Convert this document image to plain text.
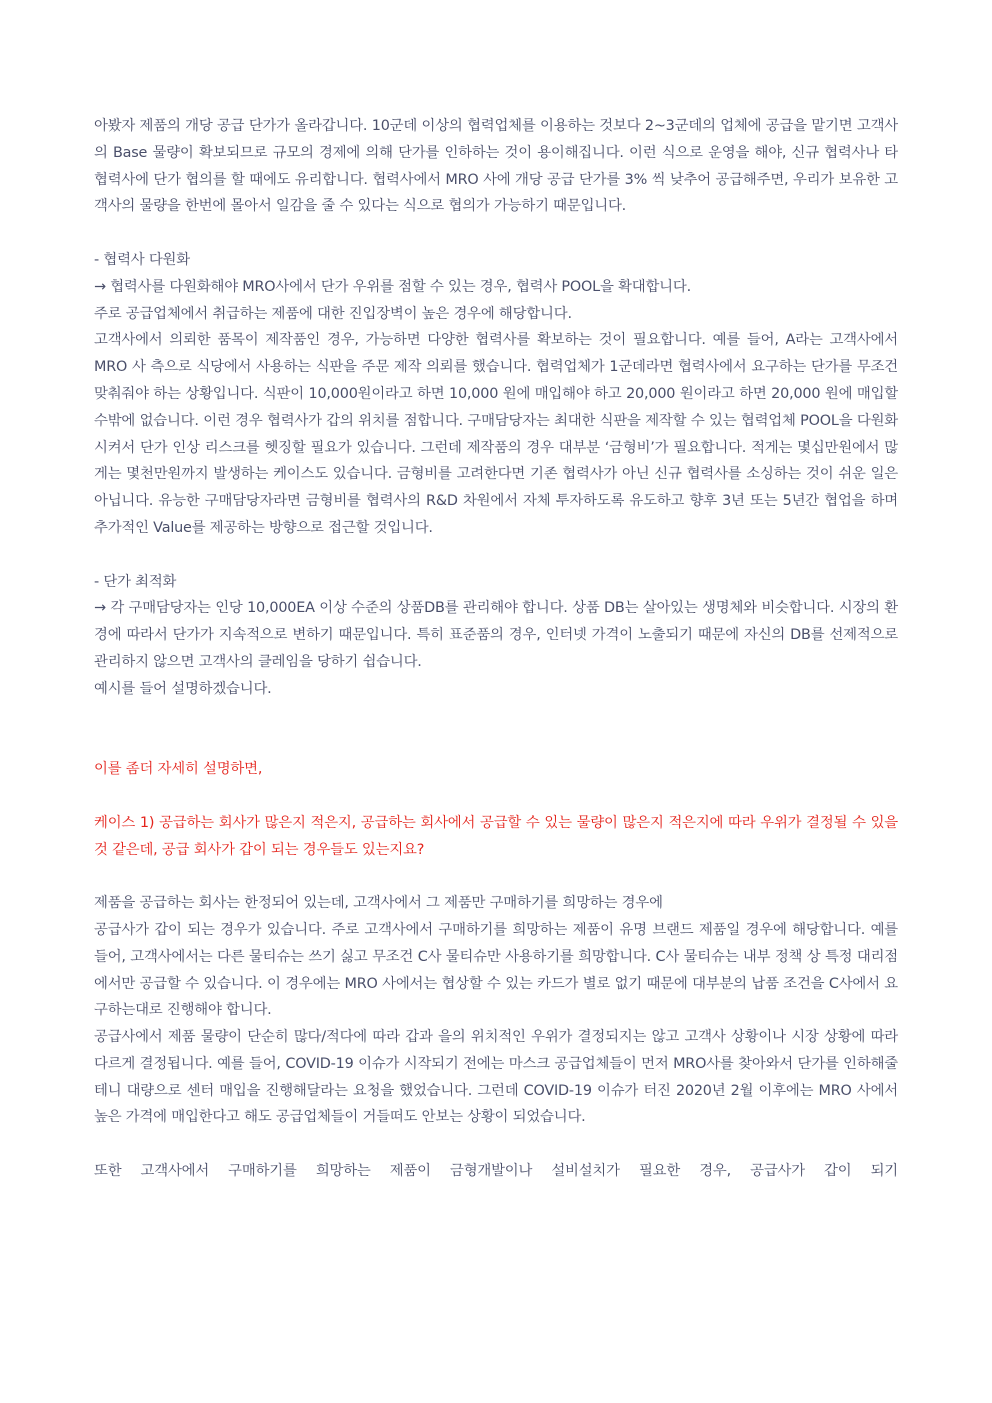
아봤자 제품의 개당 공급 단가가 올라갑니다. 10군데 이상의 협력업체를 이용하는 것보다 2~3군데의 업체에 공급을 맡기면 고객사의 Base 물량이 확보되므로 규모의 경제에 의해 단가를 인하하는 것이 용이해집니다. 이런 식으로 운영을 해야, 신규 협력사나 타 협력사에 단가 협의를 할 때에도 유리합니다. 협력사에서 MRO 사에 개당 공급 단가를 3% 씩 낮추어 공급해주면, 우리가 보유한 고객사의 물량을 한번에 몰아서 일감을 줄 수 있다는 식으로 협의가 가능하기 때문입니다.

- 협력사 다원화

→ 협력사를 다원화해야 MRO사에서 단가 우위를 점할 수 있는 경우, 협력사 POOL을 확대합니다.

주로 공급업체에서 취급하는 제품에 대한 진입장벽이 높은 경우에 해당합니다.

고객사에서 의뢰한 품목이 제작품인 경우, 가능하면 다양한 협력사를 확보하는 것이 필요합니다. 예를 들어, A라는 고객사에서 MRO 사 측으로 식당에서 사용하는 식판을 주문 제작 의뢰를 했습니다. 협력업체가 1군데라면 협력사에서 요구하는 단가를 무조건 맞춰줘야 하는 상황입니다. 식판이 10,000원이라고 하면 10,000 원에 매입해야 하고 20,000 원이라고 하면 20,000 원에 매입할 수밖에 없습니다. 이런 경우 협력사가 갑의 위치를 점합니다. 구매담당자는 최대한 식판을 제작할 수 있는 협력업체 POOL을 다원화 시켜서 단가 인상 리스크를 헷징할 필요가 있습니다. 그런데 제작품의 경우 대부분 ‘금형비’가 필요합니다. 적게는 몇십만원에서 많게는 몇천만원까지 발생하는 케이스도 있습니다. 금형비를 고려한다면 기존 협력사가 아닌 신규 협력사를 소싱하는 것이 쉬운 일은 아닙니다. 유능한 구매담당자라면 금형비를 협력사의 R&D 차원에서 자체 투자하도록 유도하고 향후 3년 또는 5년간 협업을 하며 추가적인 Value를 제공하는 방향으로 접근할 것입니다.

- 단가 최적화

→ 각 구매담당자는 인당 10,000EA 이상 수준의 상품DB를 관리해야 합니다. 상품 DB는 살아있는 생명체와 비슷합니다. 시장의 환경에 따라서 단가가 지속적으로 변하기 때문입니다. 특히 표준품의 경우, 인터넷 가격이 노출되기 때문에 자신의 DB를 선제적으로 관리하지 않으면 고객사의 클레임을 당하기 쉽습니다.

예시를 들어 설명하겠습니다.

이를 좀더 자세히 설명하면,

케이스 1) 공급하는 회사가 많은지 적은지, 공급하는 회사에서 공급할 수 있는 물량이 많은지 적은지에 따라 우위가 결정될 수 있을 것 같은데, 공급 회사가 갑이 되는 경우들도 있는지요?

제품을 공급하는 회사는 한정되어 있는데, 고객사에서 그 제품만 구매하기를 희망하는 경우에

공급사가 갑이 되는 경우가 있습니다. 주로 고객사에서 구매하기를 희망하는 제품이 유명 브랜드 제품일 경우에 해당합니다. 예를 들어, 고객사에서는 다른 물티슈는 쓰기 싫고 무조건 C사 물티슈만 사용하기를 희망합니다. C사 물티슈는 내부 정책 상 특정 대리점에서만 공급할 수 있습니다. 이 경우에는 MRO 사에서는 협상할 수 있는 카드가 별로 없기 때문에 대부분의 납품 조건을 C사에서 요구하는대로 진행해야 합니다.

공급사에서 제품 물량이 단순히 많다/적다에 따라 갑과 을의 위치적인 우위가 결정되지는 않고 고객사 상황이나 시장 상황에 따라 다르게 결정됩니다. 예를 들어, COVID-19 이슈가 시작되기 전에는 마스크 공급업체들이 먼저 MRO사를 찾아와서 단가를 인하해줄테니 대량으로 센터 매입을 진행해달라는 요청을 했었습니다. 그런데 COVID-19 이슈가 터진 2020년 2월 이후에는 MRO 사에서 높은 가격에 매입한다고 해도 공급업체들이 거들떠도 안보는 상황이 되었습니다.

또한 고객사에서 구매하기를 희망하는 제품이 금형개발이나 설비설치가 필요한 경우, 공급사가 갑이 되기
